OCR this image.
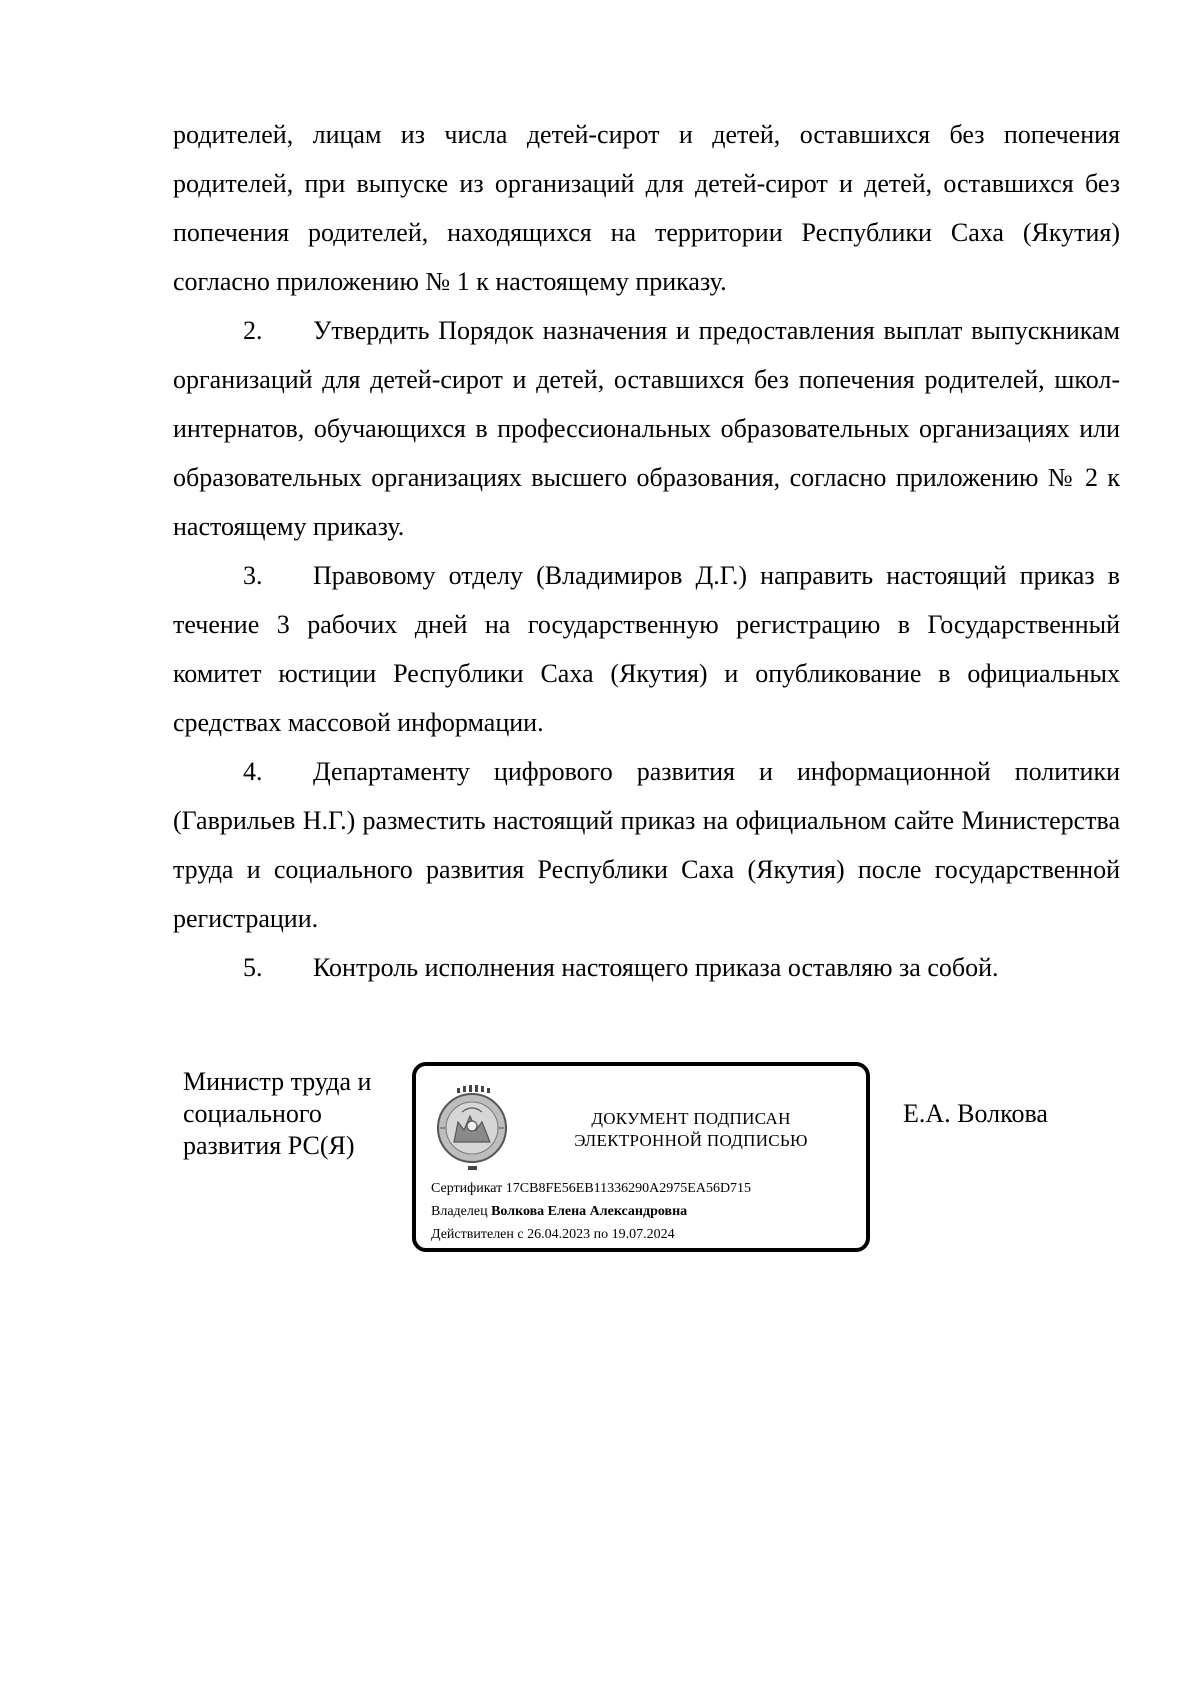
родителей, лицам из числа детей-сирот и детей, оставшихся без попечения родителей, при выпуске из организаций для детей-сирот и детей, оставшихся без попечения родителей, находящихся на территории Республики Саха (Якутия) согласно приложению № 1 к настоящему приказу.

2. Утвердить Порядок назначения и предоставления выплат выпускникам организаций для детей-сирот и детей, оставшихся без попечения родителей, школ-интернатов, обучающихся в профессиональных образовательных организациях или образовательных организациях высшего образования, согласно приложению № 2 к настоящему приказу.

3. Правовому отделу (Владимиров Д.Г.) направить настоящий приказ в течение 3 рабочих дней на государственную регистрацию в Государственный комитет юстиции Республики Саха (Якутия) и опубликование в официальных средствах массовой информации.

4. Департаменту цифрового развития и информационной политики (Гаврильев Н.Г.) разместить настоящий приказ на официальном сайте Министерства труда и социального развития Республики Саха (Якутия) после государственной регистрации.

5. Контроль исполнения настоящего приказа оставляю за собой.

Министр труда и
социального
развития РС(Я)
ДОКУМЕНТ ПОДПИСАН
ЭЛЕКТРОННОЙ ПОДПИСЬЮ
Сертификат 17CB8FE56EB11336290A2975EA56D715
Владелец Волкова Елена Александровна
Действителен с 26.04.2023 по 19.07.2024
Е.А. Волкова
